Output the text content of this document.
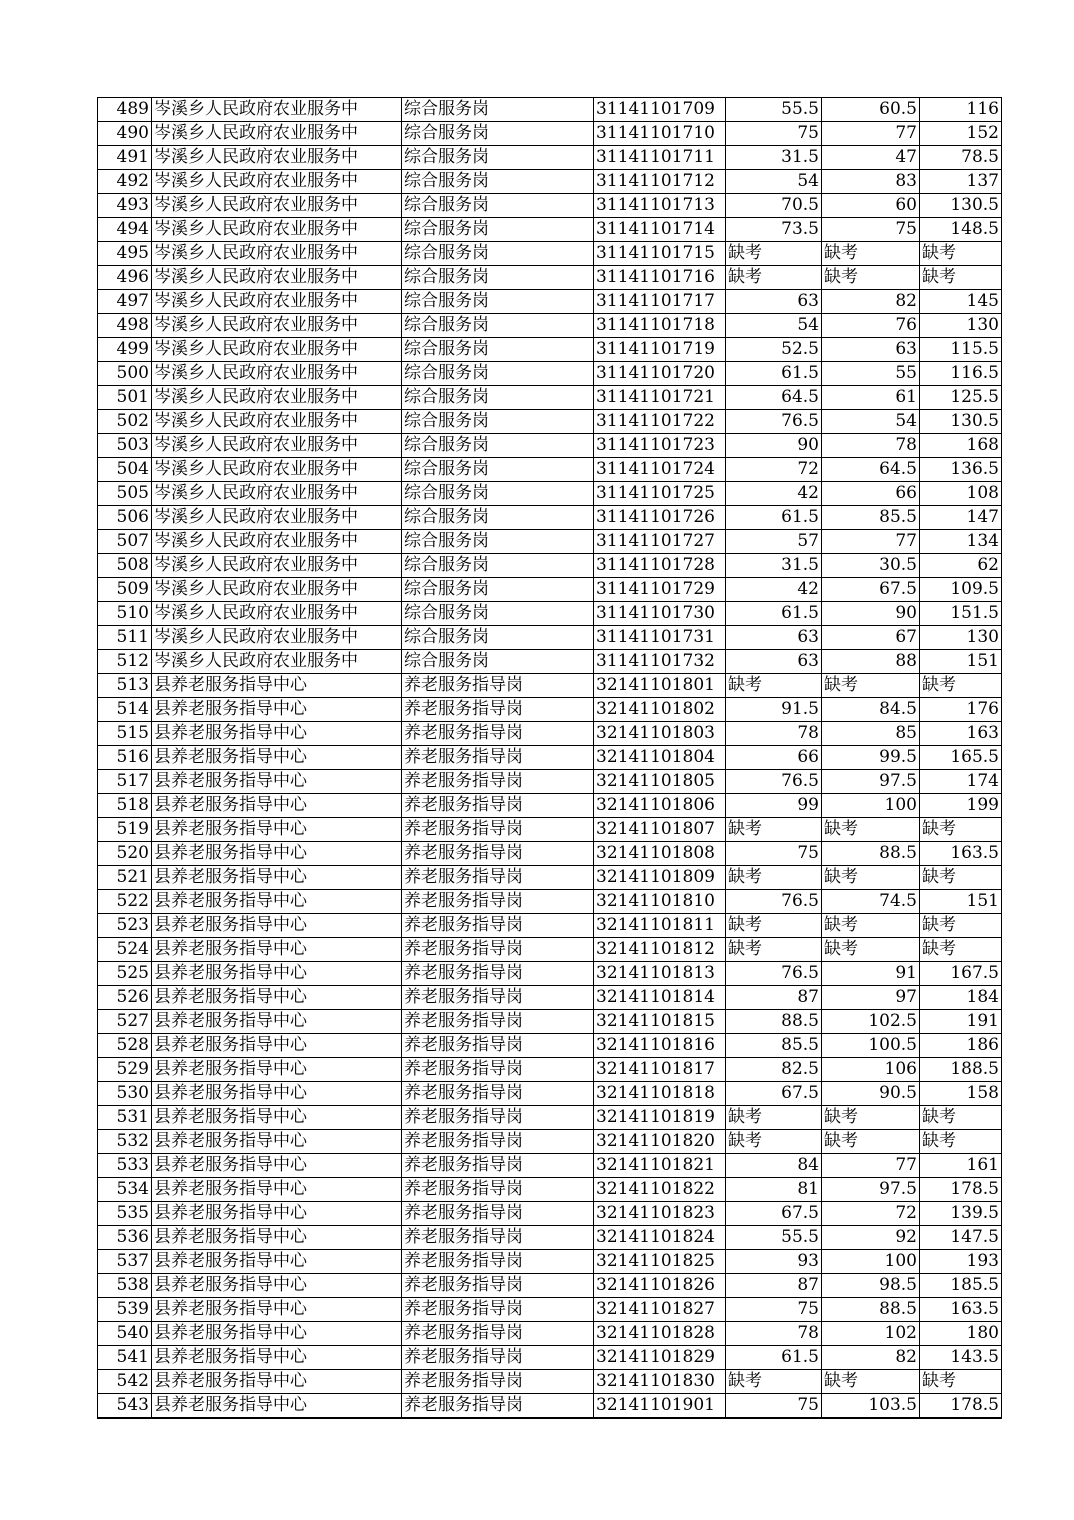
489	岑溪乡人民政府农业服务中	综合服务岗	31141101709	55.5	60.5	116
490	岑溪乡人民政府农业服务中	综合服务岗	31141101710	75	77	152
491	岑溪乡人民政府农业服务中	综合服务岗	31141101711	31.5	47	78.5
492	岑溪乡人民政府农业服务中	综合服务岗	31141101712	54	83	137
493	岑溪乡人民政府农业服务中	综合服务岗	31141101713	70.5	60	130.5
494	岑溪乡人民政府农业服务中	综合服务岗	31141101714	73.5	75	148.5
495	岑溪乡人民政府农业服务中	综合服务岗	31141101715	缺考	缺考	缺考
496	岑溪乡人民政府农业服务中	综合服务岗	31141101716	缺考	缺考	缺考
497	岑溪乡人民政府农业服务中	综合服务岗	31141101717	63	82	145
498	岑溪乡人民政府农业服务中	综合服务岗	31141101718	54	76	130
499	岑溪乡人民政府农业服务中	综合服务岗	31141101719	52.5	63	115.5
500	岑溪乡人民政府农业服务中	综合服务岗	31141101720	61.5	55	116.5
501	岑溪乡人民政府农业服务中	综合服务岗	31141101721	64.5	61	125.5
502	岑溪乡人民政府农业服务中	综合服务岗	31141101722	76.5	54	130.5
503	岑溪乡人民政府农业服务中	综合服务岗	31141101723	90	78	168
504	岑溪乡人民政府农业服务中	综合服务岗	31141101724	72	64.5	136.5
505	岑溪乡人民政府农业服务中	综合服务岗	31141101725	42	66	108
506	岑溪乡人民政府农业服务中	综合服务岗	31141101726	61.5	85.5	147
507	岑溪乡人民政府农业服务中	综合服务岗	31141101727	57	77	134
508	岑溪乡人民政府农业服务中	综合服务岗	31141101728	31.5	30.5	62
509	岑溪乡人民政府农业服务中	综合服务岗	31141101729	42	67.5	109.5
510	岑溪乡人民政府农业服务中	综合服务岗	31141101730	61.5	90	151.5
511	岑溪乡人民政府农业服务中	综合服务岗	31141101731	63	67	130
512	岑溪乡人民政府农业服务中	综合服务岗	31141101732	63	88	151
513	县养老服务指导中心	养老服务指导岗	32141101801	缺考	缺考	缺考
514	县养老服务指导中心	养老服务指导岗	32141101802	91.5	84.5	176
515	县养老服务指导中心	养老服务指导岗	32141101803	78	85	163
516	县养老服务指导中心	养老服务指导岗	32141101804	66	99.5	165.5
517	县养老服务指导中心	养老服务指导岗	32141101805	76.5	97.5	174
518	县养老服务指导中心	养老服务指导岗	32141101806	99	100	199
519	县养老服务指导中心	养老服务指导岗	32141101807	缺考	缺考	缺考
520	县养老服务指导中心	养老服务指导岗	32141101808	75	88.5	163.5
521	县养老服务指导中心	养老服务指导岗	32141101809	缺考	缺考	缺考
522	县养老服务指导中心	养老服务指导岗	32141101810	76.5	74.5	151
523	县养老服务指导中心	养老服务指导岗	32141101811	缺考	缺考	缺考
524	县养老服务指导中心	养老服务指导岗	32141101812	缺考	缺考	缺考
525	县养老服务指导中心	养老服务指导岗	32141101813	76.5	91	167.5
526	县养老服务指导中心	养老服务指导岗	32141101814	87	97	184
527	县养老服务指导中心	养老服务指导岗	32141101815	88.5	102.5	191
528	县养老服务指导中心	养老服务指导岗	32141101816	85.5	100.5	186
529	县养老服务指导中心	养老服务指导岗	32141101817	82.5	106	188.5
530	县养老服务指导中心	养老服务指导岗	32141101818	67.5	90.5	158
531	县养老服务指导中心	养老服务指导岗	32141101819	缺考	缺考	缺考
532	县养老服务指导中心	养老服务指导岗	32141101820	缺考	缺考	缺考
533	县养老服务指导中心	养老服务指导岗	32141101821	84	77	161
534	县养老服务指导中心	养老服务指导岗	32141101822	81	97.5	178.5
535	县养老服务指导中心	养老服务指导岗	32141101823	67.5	72	139.5
536	县养老服务指导中心	养老服务指导岗	32141101824	55.5	92	147.5
537	县养老服务指导中心	养老服务指导岗	32141101825	93	100	193
538	县养老服务指导中心	养老服务指导岗	32141101826	87	98.5	185.5
539	县养老服务指导中心	养老服务指导岗	32141101827	75	88.5	163.5
540	县养老服务指导中心	养老服务指导岗	32141101828	78	102	180
541	县养老服务指导中心	养老服务指导岗	32141101829	61.5	82	143.5
542	县养老服务指导中心	养老服务指导岗	32141101830	缺考	缺考	缺考
543	县养老服务指导中心	养老服务指导岗	32141101901	75	103.5	178.5
